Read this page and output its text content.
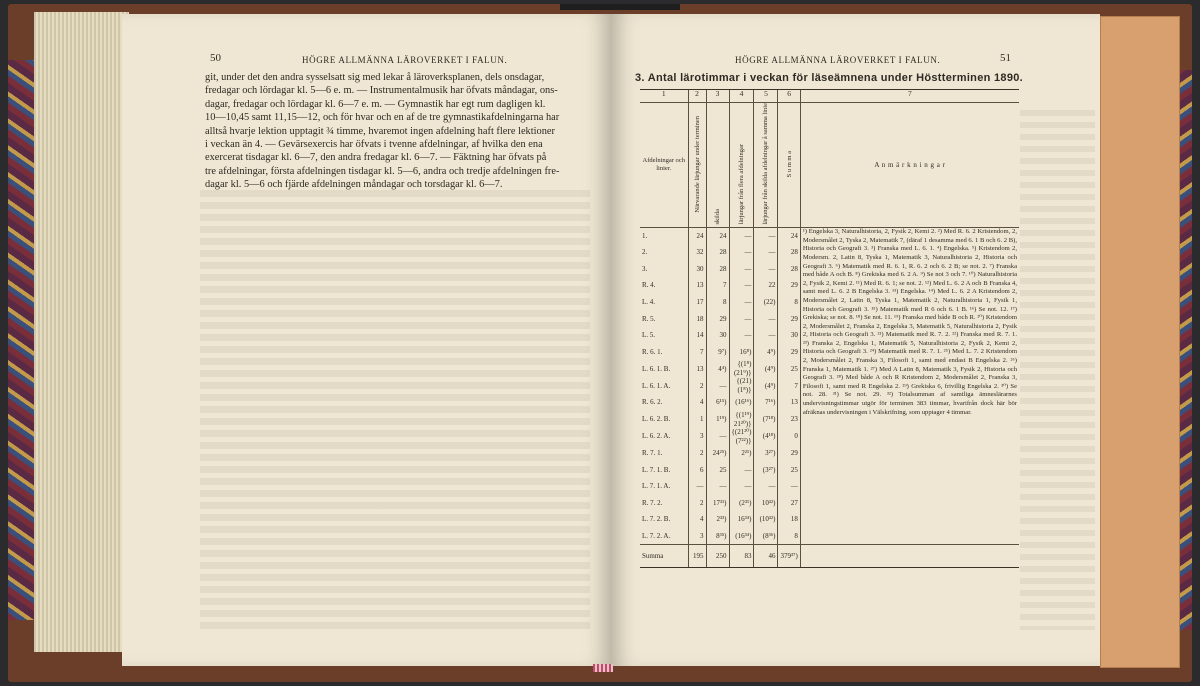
50	HÖGRE ALLMÄNNA LÄROVERKET I FALUN.

git, under det den andra sysselsatt sig med lekar å läroverksplanen, dels onsdagar,

fredagar och lördagar kl. 5—6 e. m. — Instrumentalmusik har öfvats måndagar, ons-

dagar, fredagar och lördagar kl. 6—7 e. m. — Gymnastik har egt rum dagligen kl.

10—10,45 samt 11,15—12, och för hvar och en af de tre gymnastikafdelningarna har

alltså hvarje lektion upptagit ¾ timme, hvaremot ingen afdelning haft flere lektioner

i veckan än 4. — Gevärsexercis har öfvats i tvenne afdelningar, af hvilka den ena

exercerat tisdagar kl. 6—7, den andra fredagar kl. 6—7. — Fäktning har öfvats på

tre afdelningar, första afdelningen tisdagar kl. 5—6, andra och tredje afdelningen fre-

dagar kl. 5—6 och fjärde afdelningen måndagar och torsdagar kl. 6—7.

HÖGRE ALLMÄNNA LÄROVERKET I FALUN.	51
3. Antal lärotimmar i veckan för läseämnena under Höstterminen 1890.
1	2	3	4	5	6	7
Afdelningar och linier.	Närvarande lärjungar under terminen	skilda	lärjungar från flera afdelningar	lärjungar från skilda afdelningar å samma linie	S u m m a	A n m ä r k n i n g a r
1.	24	24	—	—	24	¹) Engelska 3, Naturalhistoria, 2, Fysik 2, Kemi 2. ²) Med R. 6. 2 Kristendom, 2, Modersmålet 2, Tyska 2, Matematik 7, (däraf 1 desamma med 6. 1 B och 6. 2 B), Historia och Geografi 3. ³) Franska med L. 6. 1. ⁴) Engelska. ⁵) Kristendom 2, Modersm. 2, Latin 8, Tyska 1, Matematik 3, Naturalhistoria 2, Historia och Geografi 3. ⁶) Matematik med R. 6. 1, R. 6. 2 och 6. 2 B; se not. 2. ⁷) Franska med både A och B. ⁸) Grekiska med 6. 2 A. ⁹) Se not 3 och 7. ¹⁰) Naturalhistoria 2, Fysik 2, Kemi 2. ¹¹) Med R. 6. 1; se not. 2. ¹²) Med L. 6. 2 A och B Franska 4, samt med L. 6. 2 B Engelska 3. ¹³) Engelska. ¹⁴) Med L. 6. 2 A Kristendom 2, Modersmålet 2, Latin 8, Tyska 1, Matematik 2, Naturalhistoria 1, Fysik 1, Historia och Geografi 3. ¹⁵) Matematik med R 6 och 6. 1 B. ¹⁶) Se not. 12. ¹⁷) Grekiska; se not. 8. ¹⁸) Se not. 11. ¹⁹) Franska med både B och R. ²⁰) Kristendom 2, Modersmålet 2, Franska 2, Engelska 3, Matematik 5, Naturalhistoria 2, Fysik 2, Historia och Geografi 3. ²¹) Matematik med R. 7. 2. ²²) Franska med R. 7. 1. ²³) Franska 2, Engelska 1, Matematik 5, Naturalhistoria 2, Fysik 2, Kemi 2, Historia och Geografi 3. ²⁴) Matematik med R. 7. 1. ²⁵) Med L. 7. 2 Kristendom 2, Modersmålet 2, Franska 3, Filosofi 1, samt med endast B Engelska 2. ²⁶) Franska 1, Matematik 1. ²⁷) Med A Latin 8, Matematik 3, Fysik 2, Historia och Geografi 3. ²⁸) Med både A och R Kristendom 2, Modersmålet 2, Franska 3, Filosofi 1, samt med R Engelska 2. ²⁹) Grekiska 6, frivillig Engelska 2. ³⁰) Se not. 28. ³¹) Se not. 29. ³²) Totalsumman af samtliga ämneslärarnes undervisningstimmar utgör för terminen 383 timmar, hvarifrån dock här bör afräknas undervisningen i Välskrifning, som upptager 4 timmar.
2.	32	28	—	—	28	
3.	30	28	—	—	28	
R. 4.	13	7	—	22	29	
L. 4.	17	8	—	(22)	8	
R. 5.	18	29	—	—	29	
L. 5.	14	30	—	—	30	
R. 6. 1.	7	9⁷)	16⁸)	4⁹)	29	
L. 6. 1. B.	13	4⁴)	{(1⁸) (21⁹)}	(4⁹)	25	
L. 6. 1. A.	2	—	{(21) (1⁸)}	(4⁹)	7	
R. 6. 2.	4	6¹⁵)	(16¹⁶)	7¹⁶)	13	
L. 6. 2. B.	1	1¹⁹)	{(1¹⁹) 21²⁰)}	(7¹⁸)	23	
L. 6. 2. A.	3	—	{(21²⁰) (7²²)}	(4¹⁸)	0	
R. 7. 1.	2	24²⁵)	2²¹)	3²⁷)	29	
L. 7. 1. B.	6	25	—	(3²⁷)	25	
L. 7. 1. A.	—	—	—	—	—	
R. 7. 2.	2	17³¹)	(2³¹)	10³²)	27	
L. 7. 2. B.	4	2³³)	16³⁴)	(10³²)	18	
L. 7. 2. A.	3	8³⁵)	(16³⁴)	(8³⁶)	8	
Summa	195	250	83	46	379³⁷)	
